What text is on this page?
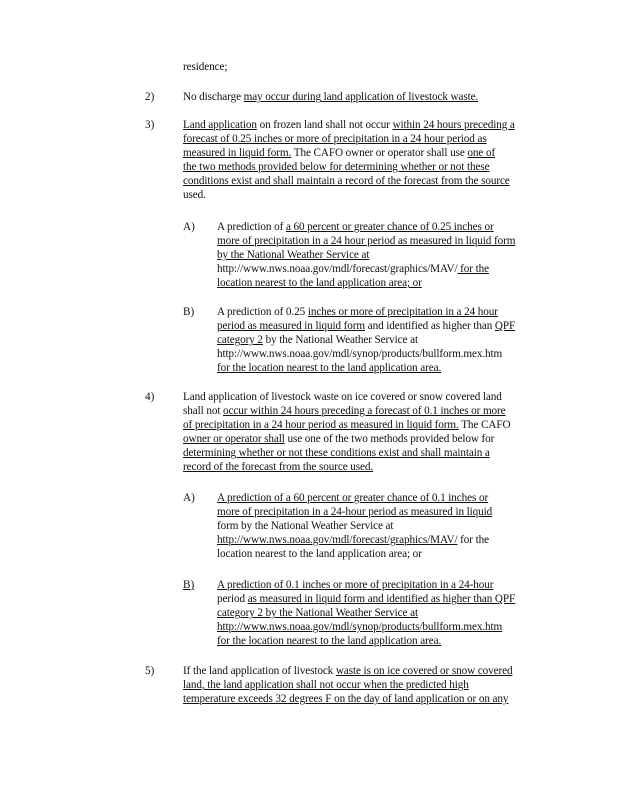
residence;
2)	No discharge may occur during land application of livestock waste.
3)	Land application on frozen land shall not occur within 24 hours preceding a
forecast of 0.25 inches or more of precipitation in a 24 hour period as
measured in liquid form. The CAFO owner or operator shall use one of
the two methods provided below for determining whether or not these
conditions exist and shall maintain a record of the forecast from the source
used.
A) A prediction of a 60 percent or greater chance of 0.25 inches or
more of precipitation in a 24 hour period as measured in liquid form
by the National Weather Service at
http://www.nws.noaa.gov/mdl/forecast/graphics/MAV/ for the
location nearest to the land application area; or
B) A prediction of 0.25 inches or more of precipitation in a 24 hour
period as measured in liquid form and identified as higher than QPF
category 2 by the National Weather Service at
http://www.nws.noaa.gov/mdl/synop/products/bullform.mex.htm
for the location nearest to the land application area.
4)	Land application of livestock waste on ice covered or snow covered land
shall not occur within 24 hours preceding a forecast of 0.1 inches or more
of precipitation in a 24 hour period as measured in liquid form. The CAFO
owner or operator shall use one of the two methods provided below for
determining whether or not these conditions exist and shall maintain a
record of the forecast from the source used.
A) A prediction of a 60 percent or greater chance of 0.1 inches or
more of precipitation in a 24-hour period as measured in liquid
form by the National Weather Service at
http://www.nws.noaa.gov/mdl/forecast/graphics/MAV/ for the
location nearest to the land application area; or
B) A prediction of 0.1 inches or more of precipitation in a 24-hour
period as measured in liquid form and identified as higher than QPF
category 2 by the National Weather Service at
http://www.nws.noaa.gov/mdl/synop/products/bullform.mex.htm
for the location nearest to the land application area.
5)	If the land application of livestock waste is on ice covered or snow covered
land, the land application shall not occur when the predicted high
temperature exceeds 32 degrees F on the day of land application or on any
